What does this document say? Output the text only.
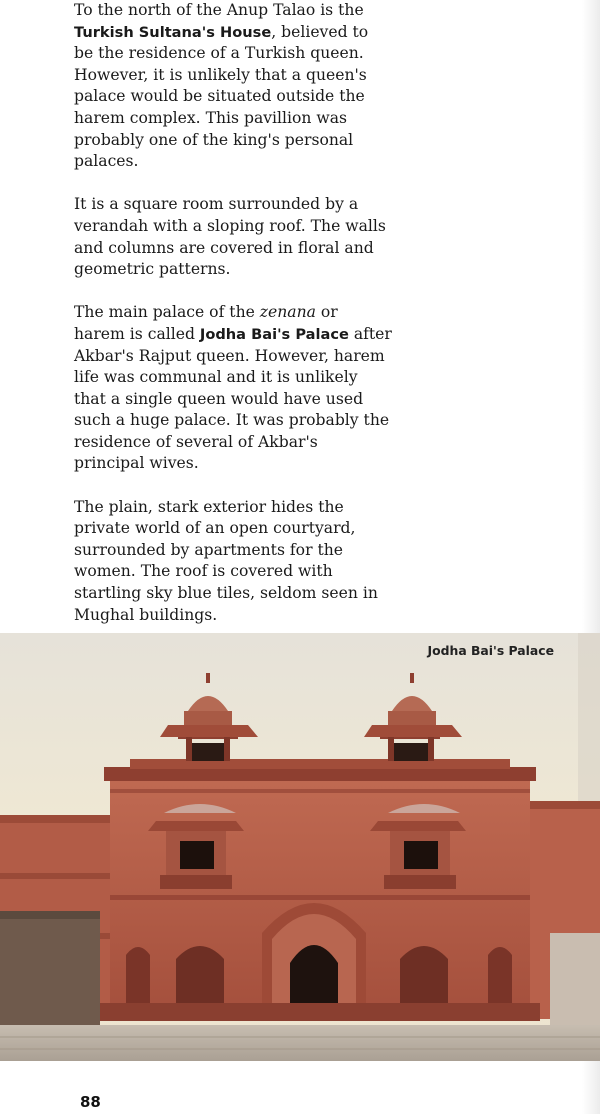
To the north of the Anup Talao is the Turkish Sultana's House, believed to be the residence of a Turkish queen. However, it is unlikely that a queen's palace would be situated outside the harem complex. This pavillion was probably one of the king's personal palaces.

It is a square room surrounded by a verandah with a sloping roof. The walls and columns are covered in floral and geometric patterns.

The main palace of the zenana or harem is called Jodha Bai's Palace after Akbar's Rajput queen. However, harem life was communal and it is unlikely that a single queen would have used such a huge palace. It was probably the residence of several of Akbar's principal wives.

The plain, stark exterior hides the private world of an open courtyard, surrounded by apartments for the women. The roof is covered with startling sky blue tiles, seldom seen in Mughal buildings.

Jodha Bai's Palace
88
